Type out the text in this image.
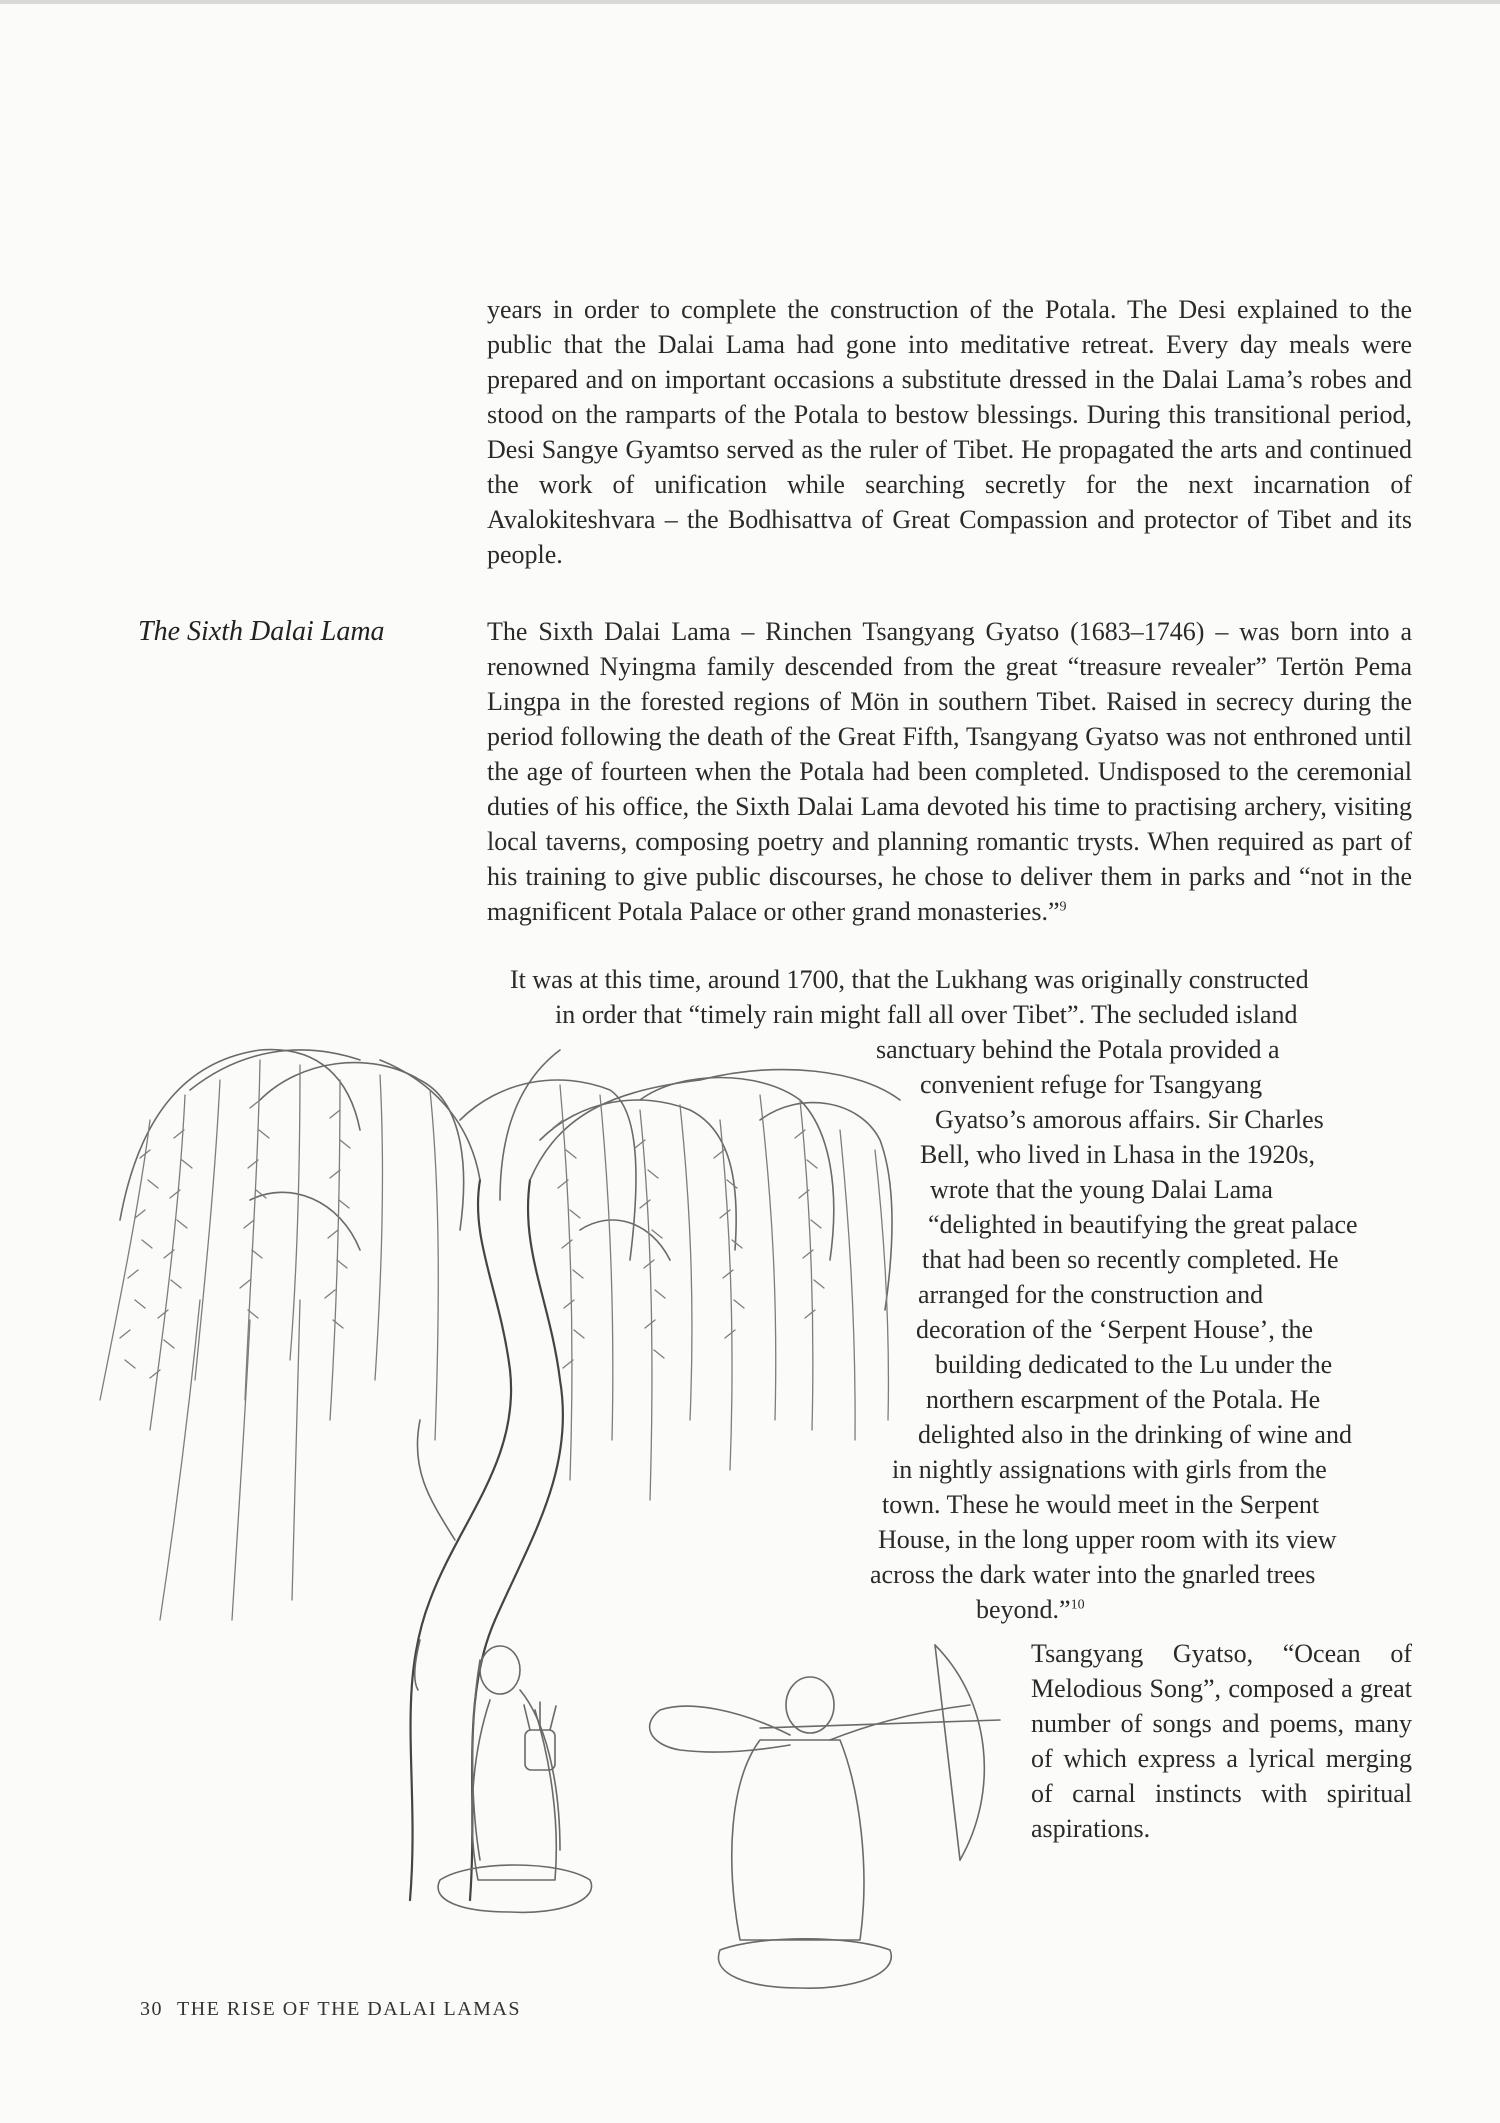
years in order to complete the construction of the Potala. The Desi explained to the public that the Dalai Lama had gone into meditative retreat. Every day meals were prepared and on important occasions a substitute dressed in the Dalai Lama’s robes and stood on the ramparts of the Potala to bestow blessings. During this transitional period, Desi Sangye Gyamtso served as the ruler of Tibet. He propagated the arts and continued the work of unification while searching secretly for the next incarnation of Avalokiteshvara – the Bodhisattva of Great Compassion and protector of Tibet and its people.

The Sixth Dalai Lama	The Sixth Dalai Lama – Rinchen Tsangyang Gyatso (1683–1746) – was born into a renowned Nyingma family descended from the great “treasure revealer” Tertön Pema Lingpa in the forested regions of Mön in southern Tibet. Raised in secrecy during the period following the death of the Great Fifth, Tsangyang Gyatso was not enthroned until the age of fourteen when the Potala had been completed. Undisposed to the ceremonial duties of his office, the Sixth Dalai Lama devoted his time to practising archery, visiting local taverns, composing poetry and planning romantic trysts. When required as part of his training to give public discourses, he chose to deliver them in parks and “not in the magnificent Potala Palace or other grand monasteries.”$^9$

It was at this time, around 1700, that the Lukhang was originally constructed

in order that “timely rain might fall all over Tibet”. The secluded island

sanctuary behind the Potala provided a

convenient refuge for Tsangyang

Gyatso’s amorous affairs. Sir Charles

Bell, who lived in Lhasa in the 1920s,

wrote that the young Dalai Lama

“delighted in beautifying the great palace

that had been so recently completed. He

arranged for the construction and

decoration of the ‘Serpent House’, the

building dedicated to the Lu under the

northern escarpment of the Potala. He

delighted also in the drinking of wine and

in nightly assignations with girls from the

town. These he would meet in the Serpent

House, in the long upper room with its view

across the dark water into the gnarled trees

beyond.”$^{10}$

Tsangyang Gyatso, “Ocean of Melodious Song”, composed a great number of songs and poems, many of which express a lyrical merging of carnal instincts with spiritual aspirations.

30 THE RISE OF THE DALAI LAMAS
